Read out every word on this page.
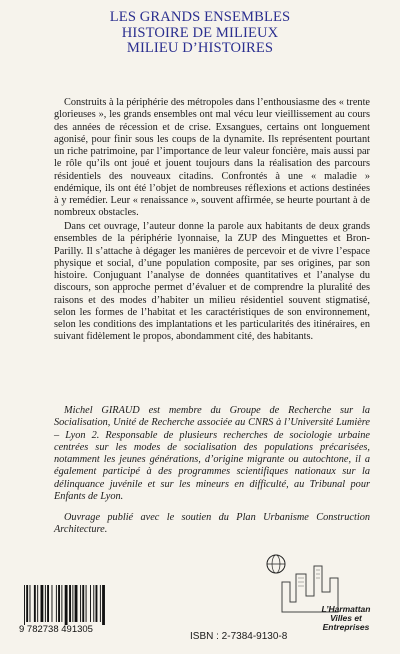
LES GRANDS ENSEMBLES
HISTOIRE DE MILIEUX
MILIEU D’HISTOIRES

Construits à la périphérie des métropoles dans l’enthousiasme des « trente glorieuses », les grands ensembles ont mal vécu leur vieillissement au cours des années de récession et de crise. Exsangues, certains ont longuement agonisé, pour finir sous les coups de la dynamite. Ils représentent pourtant un riche patrimoine, par l’importance de leur valeur foncière, mais aussi par le rôle qu’ils ont joué et jouent toujours dans la réalisation des parcours résidentiels des nouveaux citadins. Confrontés à une « maladie » endémique, ils ont été l’objet de nombreuses réflexions et actions destinées à y remédier. Leur « renaissance », souvent affirmée, se heurte pourtant à de nombreux obstacles.

Dans cet ouvrage, l’auteur donne la parole aux habitants de deux grands ensembles de la périphérie lyonnaise, la ZUP des Minguettes et Bron-Parilly. Il s’attache à dégager les manières de percevoir et de vivre l’espace physique et social, d’une population composite, par ses origines, par son histoire. Conjuguant l’analyse de données quantitatives et l’analyse du discours, son approche permet d’évaluer et de comprendre la pluralité des raisons et des modes d’habiter un milieu résidentiel souvent stigmatisé, selon les formes de l’habitat et les caractéristiques de son environnement, selon les conditions des implantations et les particularités des itinéraires, en suivant fidèlement le propos, abondamment cité, des habitants.

Michel GIRAUD est membre du Groupe de Recherche sur la Socialisation, Unité de Recherche associée au CNRS à l’Université Lumière – Lyon 2. Responsable de plusieurs recherches de sociologie urbaine centrées sur les modes de socialisation des populations précarisées, notamment les jeunes générations, d’origine migrante ou autochtone, il a également participé à des programmes scientifiques nationaux sur la délinquance juvénile et sur les mineurs en difficulté, au Tribunal pour Enfants de Lyon.

Ouvrage publié avec le soutien du Plan Urbanisme Construction Architecture.

9 782738 491305
ISBN : 2-7384-9130-8
L’Harmattan
Villes et Entreprises
